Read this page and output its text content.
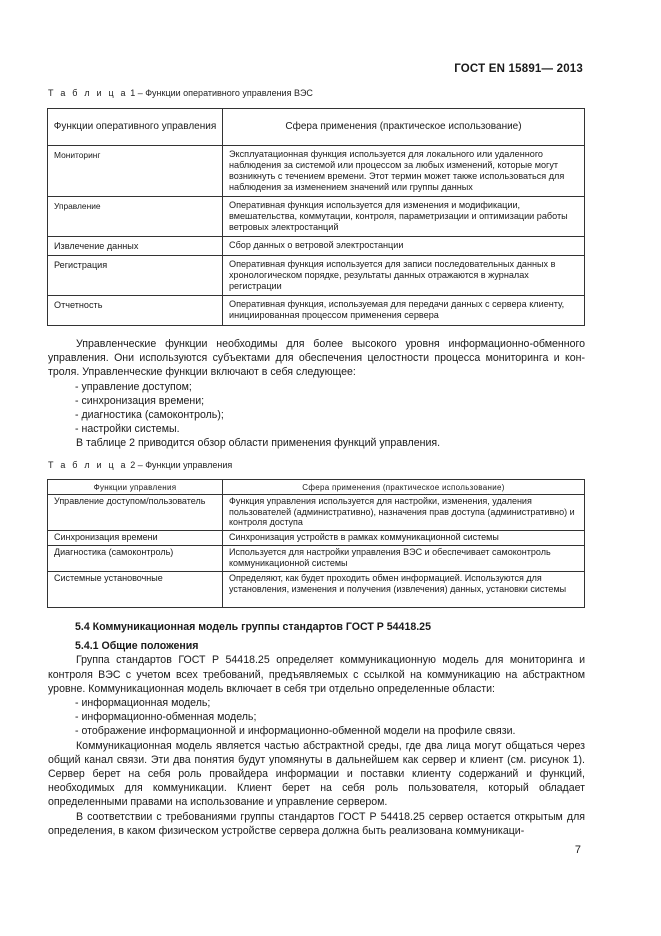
ГОСТ EN 15891— 2013
Т а б л и ц а 1 – Функции оперативного управления ВЭС
Функции оперативного управления	Сфера применения (практическое использование)
Мониторинг	Эксплуатационная функция используется для локального или удаленного наблюдения за системой или процессом за любых изменений, которые могут возникнуть с течением времени. Этот термин может также использоваться для наблюдения за изменением значений или группы данных
Управление	Оперативная функция используется для изменения и модификации, вмешательства, коммутации, контроля, параметризации и оптимизации работы ветровых электростанций
Извлечение данных	Сбор данных о ветровой электростанции
Регистрация	Оперативная функция используется для записи последовательных данных в хронологическом порядке, результаты данных отражаются в журналах регистрации
Отчетность	Оперативная функция, используемая для передачи данных с сервера клиенту, инициированная процессом применения сервера

Управленческие функции необходимы для более высокого уровня информационно-обменного управления. Они используются субъектами для обеспечения целостности процесса мониторинга и контроля. Управленческие функции включают в себя следующее:

- управление доступом;

- синхронизация времени;

- диагностика (самоконтроль);

- настройки системы.

В таблице 2 приводится обзор области применения функций управления.

Т а б л и ц а 2 – Функции управления
Функции управления	Сфера применения (практическое использование)
Управление доступом/пользователь	Функция управления используется для настройки, изменения, удаления пользователей (административно), назначения прав доступа (административно) и контроля доступа
Синхронизация времени	Синхронизация устройств в рамках коммуникационной системы
Диагностика (самоконтроль)	Используется для настройки управления ВЭС и обеспечивает самоконтроль коммуникационной системы
Системные установочные	Определяют, как будет проходить обмен информацией. Используются для установления, изменения и получения (извлечения) данных, установки системы

5.4 Коммуникационная модель группы стандартов ГОСТ Р 54418.25

5.4.1 Общие положения

Группа стандартов ГОСТ Р 54418.25 определяет коммуникационную модель для мониторинга и контроля ВЭС с учетом всех требований, предъявляемых с ссылкой на коммуникацию на абстрактном уровне. Коммуникационная модель включает в себя три отдельно определенные области:

- информационная модель;

- информационно-обменная модель;

- отображение информационной и информационно-обменной модели на профиле связи.

Коммуникационная модель является частью абстрактной среды, где два лица могут общаться через общий канал связи. Эти два понятия будут упомянуты в дальнейшем как сервер и клиент (см. рисунок 1). Сервер берет на себя роль провайдера информации и поставки клиенту содержаний и функций, необходимых для коммуникации. Клиент берет на себя роль пользователя, который обладает определенными правами на использование и управление сервером.

В соответствии с требованиями группы стандартов ГОСТ Р 54418.25 сервер остается открытым для определения, в каком физическом устройстве сервера должна быть реализована коммуникаци-

7
